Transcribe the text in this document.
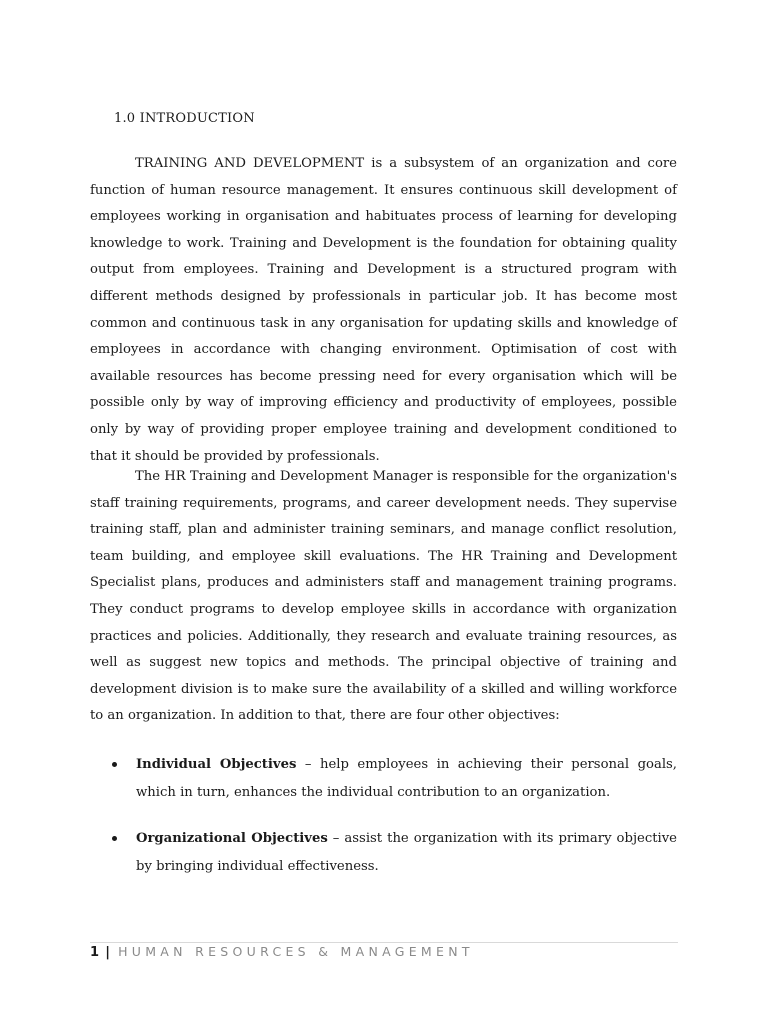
1.0 INTRODUCTION

TRAINING AND DEVELOPMENT is a subsystem of an organization and core function of human resource management. It ensures continuous skill development of employees working in organisation and habituates process of learning for developing knowledge to work. Training and Development is the foundation for obtaining quality output from employees. Training and Development is a structured program with different methods designed by professionals in particular job. It has become most common and continuous task in any organisation for updating skills and knowledge of employees in accordance with changing environment. Optimisation of cost with available resources has become pressing need for every organisation which will be possible only by way of improving efficiency and productivity of employees, possible only by way of providing proper employee training and development conditioned to that it should be provided by professionals.

The HR Training and Development Manager is responsible for the organization's staff training requirements, programs, and career development needs. They supervise training staff, plan and administer training seminars, and manage conflict resolution, team building, and employee skill evaluations. The HR Training and Development Specialist plans, produces and administers staff and management training programs. They conduct programs to develop employee skills in accordance with organization practices and policies. Additionally, they research and evaluate training resources, as well as suggest new topics and methods. The principal objective of training and development division is to make sure the availability of a skilled and willing workforce to an organization. In addition to that, there are four other objectives:

Individual Objectives – help employees in achieving their personal goals, which in turn, enhances the individual contribution to an organization.
Organizational Objectives – assist the organization with its primary objective by bringing individual effectiveness.
1 | HUMAN RESOURCES & MANAGEMENT
